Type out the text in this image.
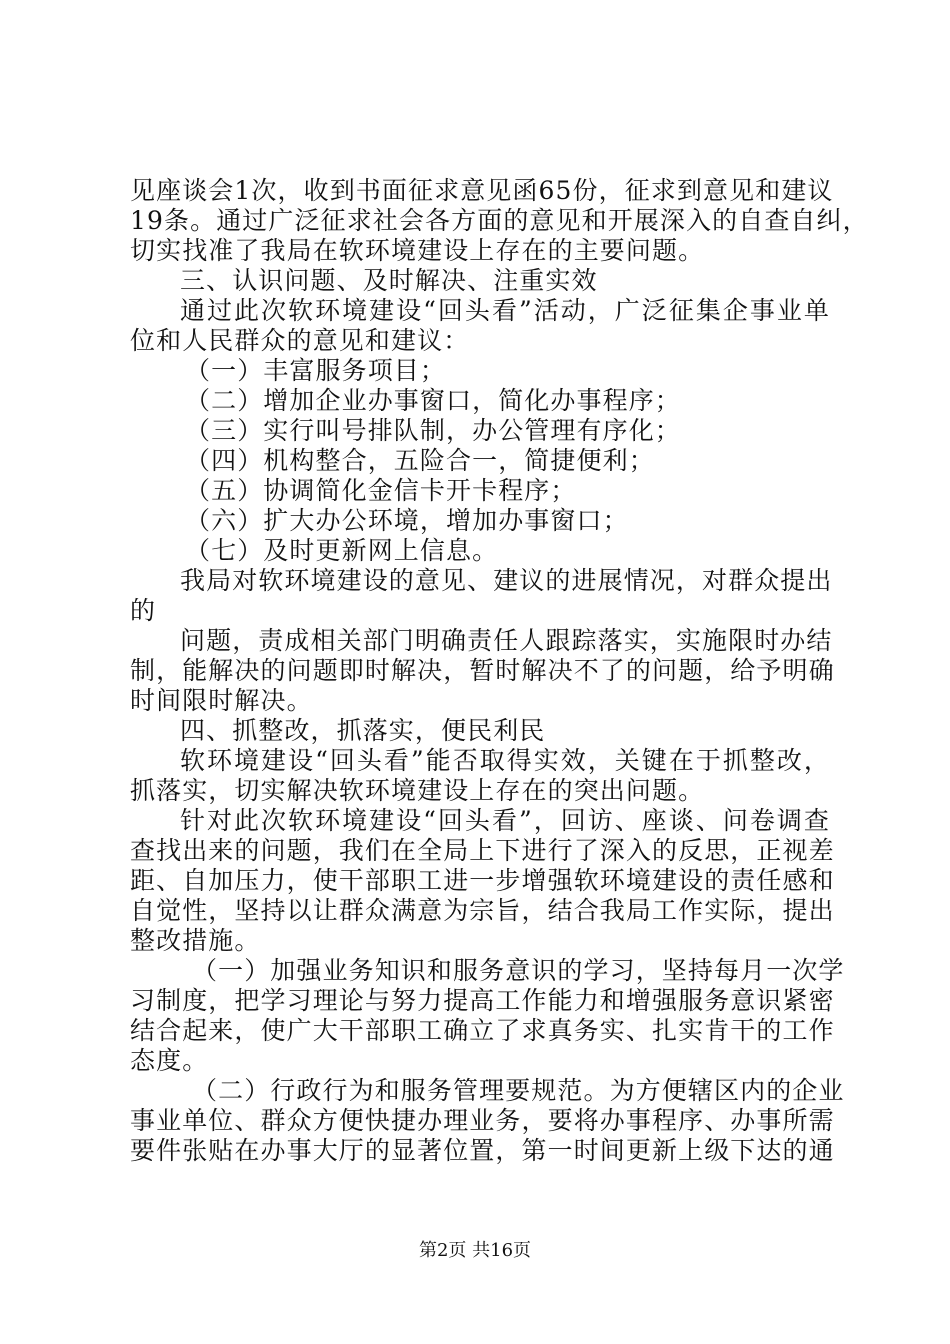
见座谈会1次，收到书面征求意见函65份，征求到意见和建议
19条。通过广泛征求社会各方面的意见和开展深入的自查自纠，
切实找准了我局在软环境建设上存在的主要问题。
三、认识问题、及时解决、注重实效
通过此次软环境建设“回头看”活动，广泛征集企事业单
位和人民群众的意见和建议：
（一）丰富服务项目；
（二）增加企业办事窗口，简化办事程序；
（三）实行叫号排队制，办公管理有序化；
（四）机构整合，五险合一，简捷便利；
（五）协调简化金信卡开卡程序；
（六）扩大办公环境，增加办事窗口；
（七）及时更新网上信息。
我局对软环境建设的意见、建议的进展情况，对群众提出
的
问题，责成相关部门明确责任人跟踪落实，实施限时办结
制，能解决的问题即时解决，暂时解决不了的问题，给予明确
时间限时解决。
四、抓整改，抓落实，便民利民
软环境建设“回头看”能否取得实效，关键在于抓整改，
抓落实，切实解决软环境建设上存在的突出问题。
针对此次软环境建设“回头看”，回访、座谈、问卷调查
查找出来的问题，我们在全局上下进行了深入的反思，正视差
距、自加压力，使干部职工进一步增强软环境建设的责任感和
自觉性，坚持以让群众满意为宗旨，结合我局工作实际，提出
整改措施。
（一）加强业务知识和服务意识的学习，坚持每月一次学
习制度，把学习理论与努力提高工作能力和增强服务意识紧密
结合起来，使广大干部职工确立了求真务实、扎实肯干的工作
态度。
（二）行政行为和服务管理要规范。为方便辖区内的企业
事业单位、群众方便快捷办理业务，要将办事程序、办事所需
要件张贴在办事大厅的显著位置，第一时间更新上级下达的通
第2页 共16页
